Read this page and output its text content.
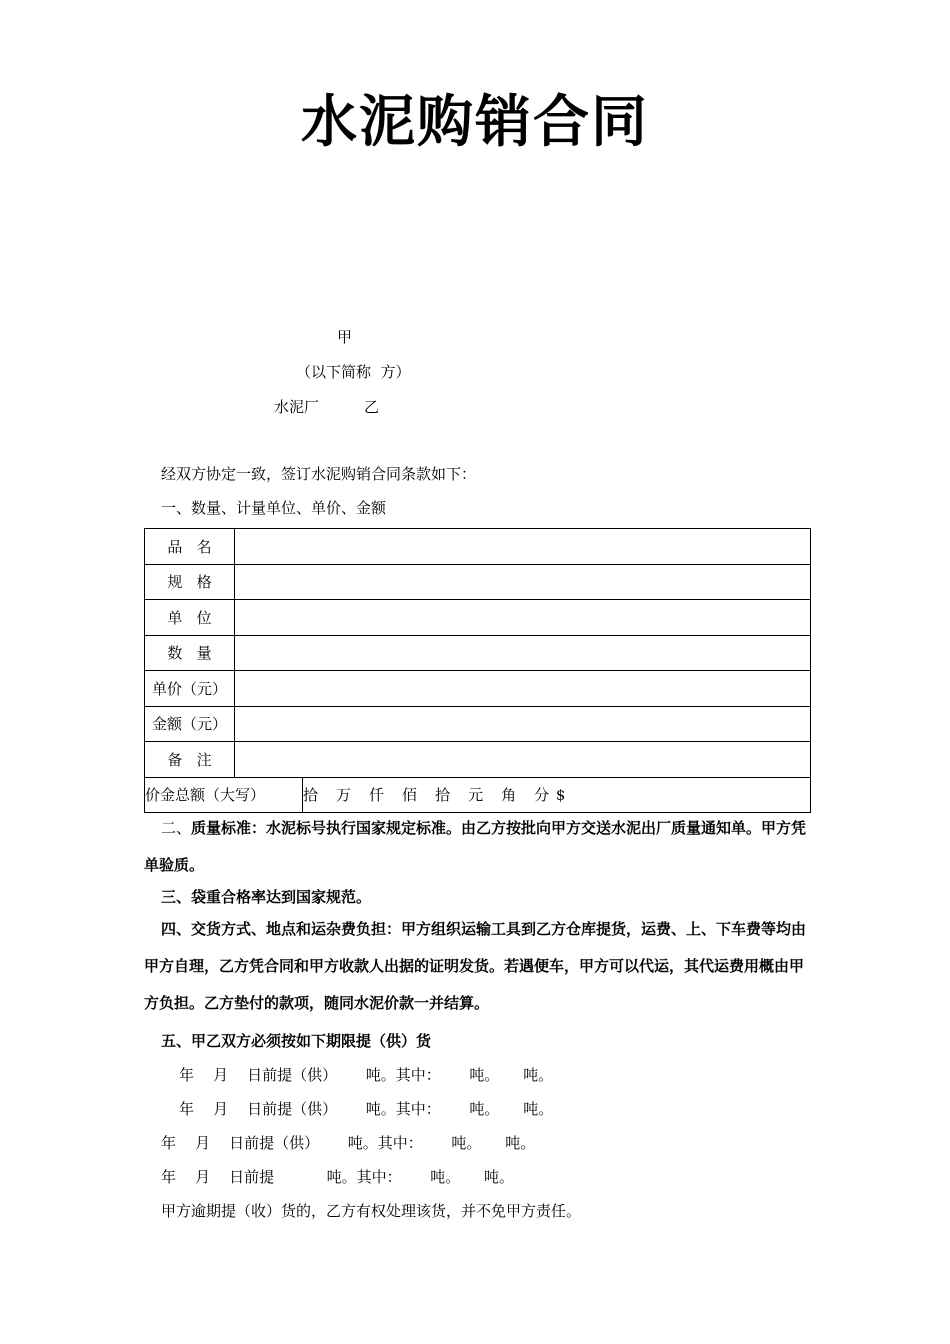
水泥购销合同
甲
（以下简称  方）
水泥厂	乙
经双方协定一致，签订水泥购销合同条款如下：
一、数量、计量单位、单价、金额
品   名		
规   格		
单   位		
数   量		
单价（元）		
金额（元）		
备   注		
价金总额（大写）		拾 万 仟 佰 拾 元 角 分 $
二、质量标准：水泥标号执行国家规定标准。由乙方按批向甲方交送水泥出厂质量通知单。甲方凭单验质。
三、袋重合格率达到国家规范。
四、交货方式、地点和运杂费负担：甲方组织运输工具到乙方仓库提货，运费、上、下车费等均由甲方自理，乙方凭合同和甲方收款人出据的证明发货。若遇便车，甲方可以代运，其代运费用概由甲方负担。乙方垫付的款项，随同水泥价款一并结算。
五、甲乙双方必须按如下期限提（供）货
年    月    日前提（供）      吨。其中：      吨。     吨。
年    月    日前提（供）      吨。其中：      吨。     吨。
年    月    日前提（供）      吨。其中：      吨。     吨。
年    月    日前提           吨。其中：      吨。     吨。
甲方逾期提（收）货的，乙方有权处理该货，并不免甲方责任。
